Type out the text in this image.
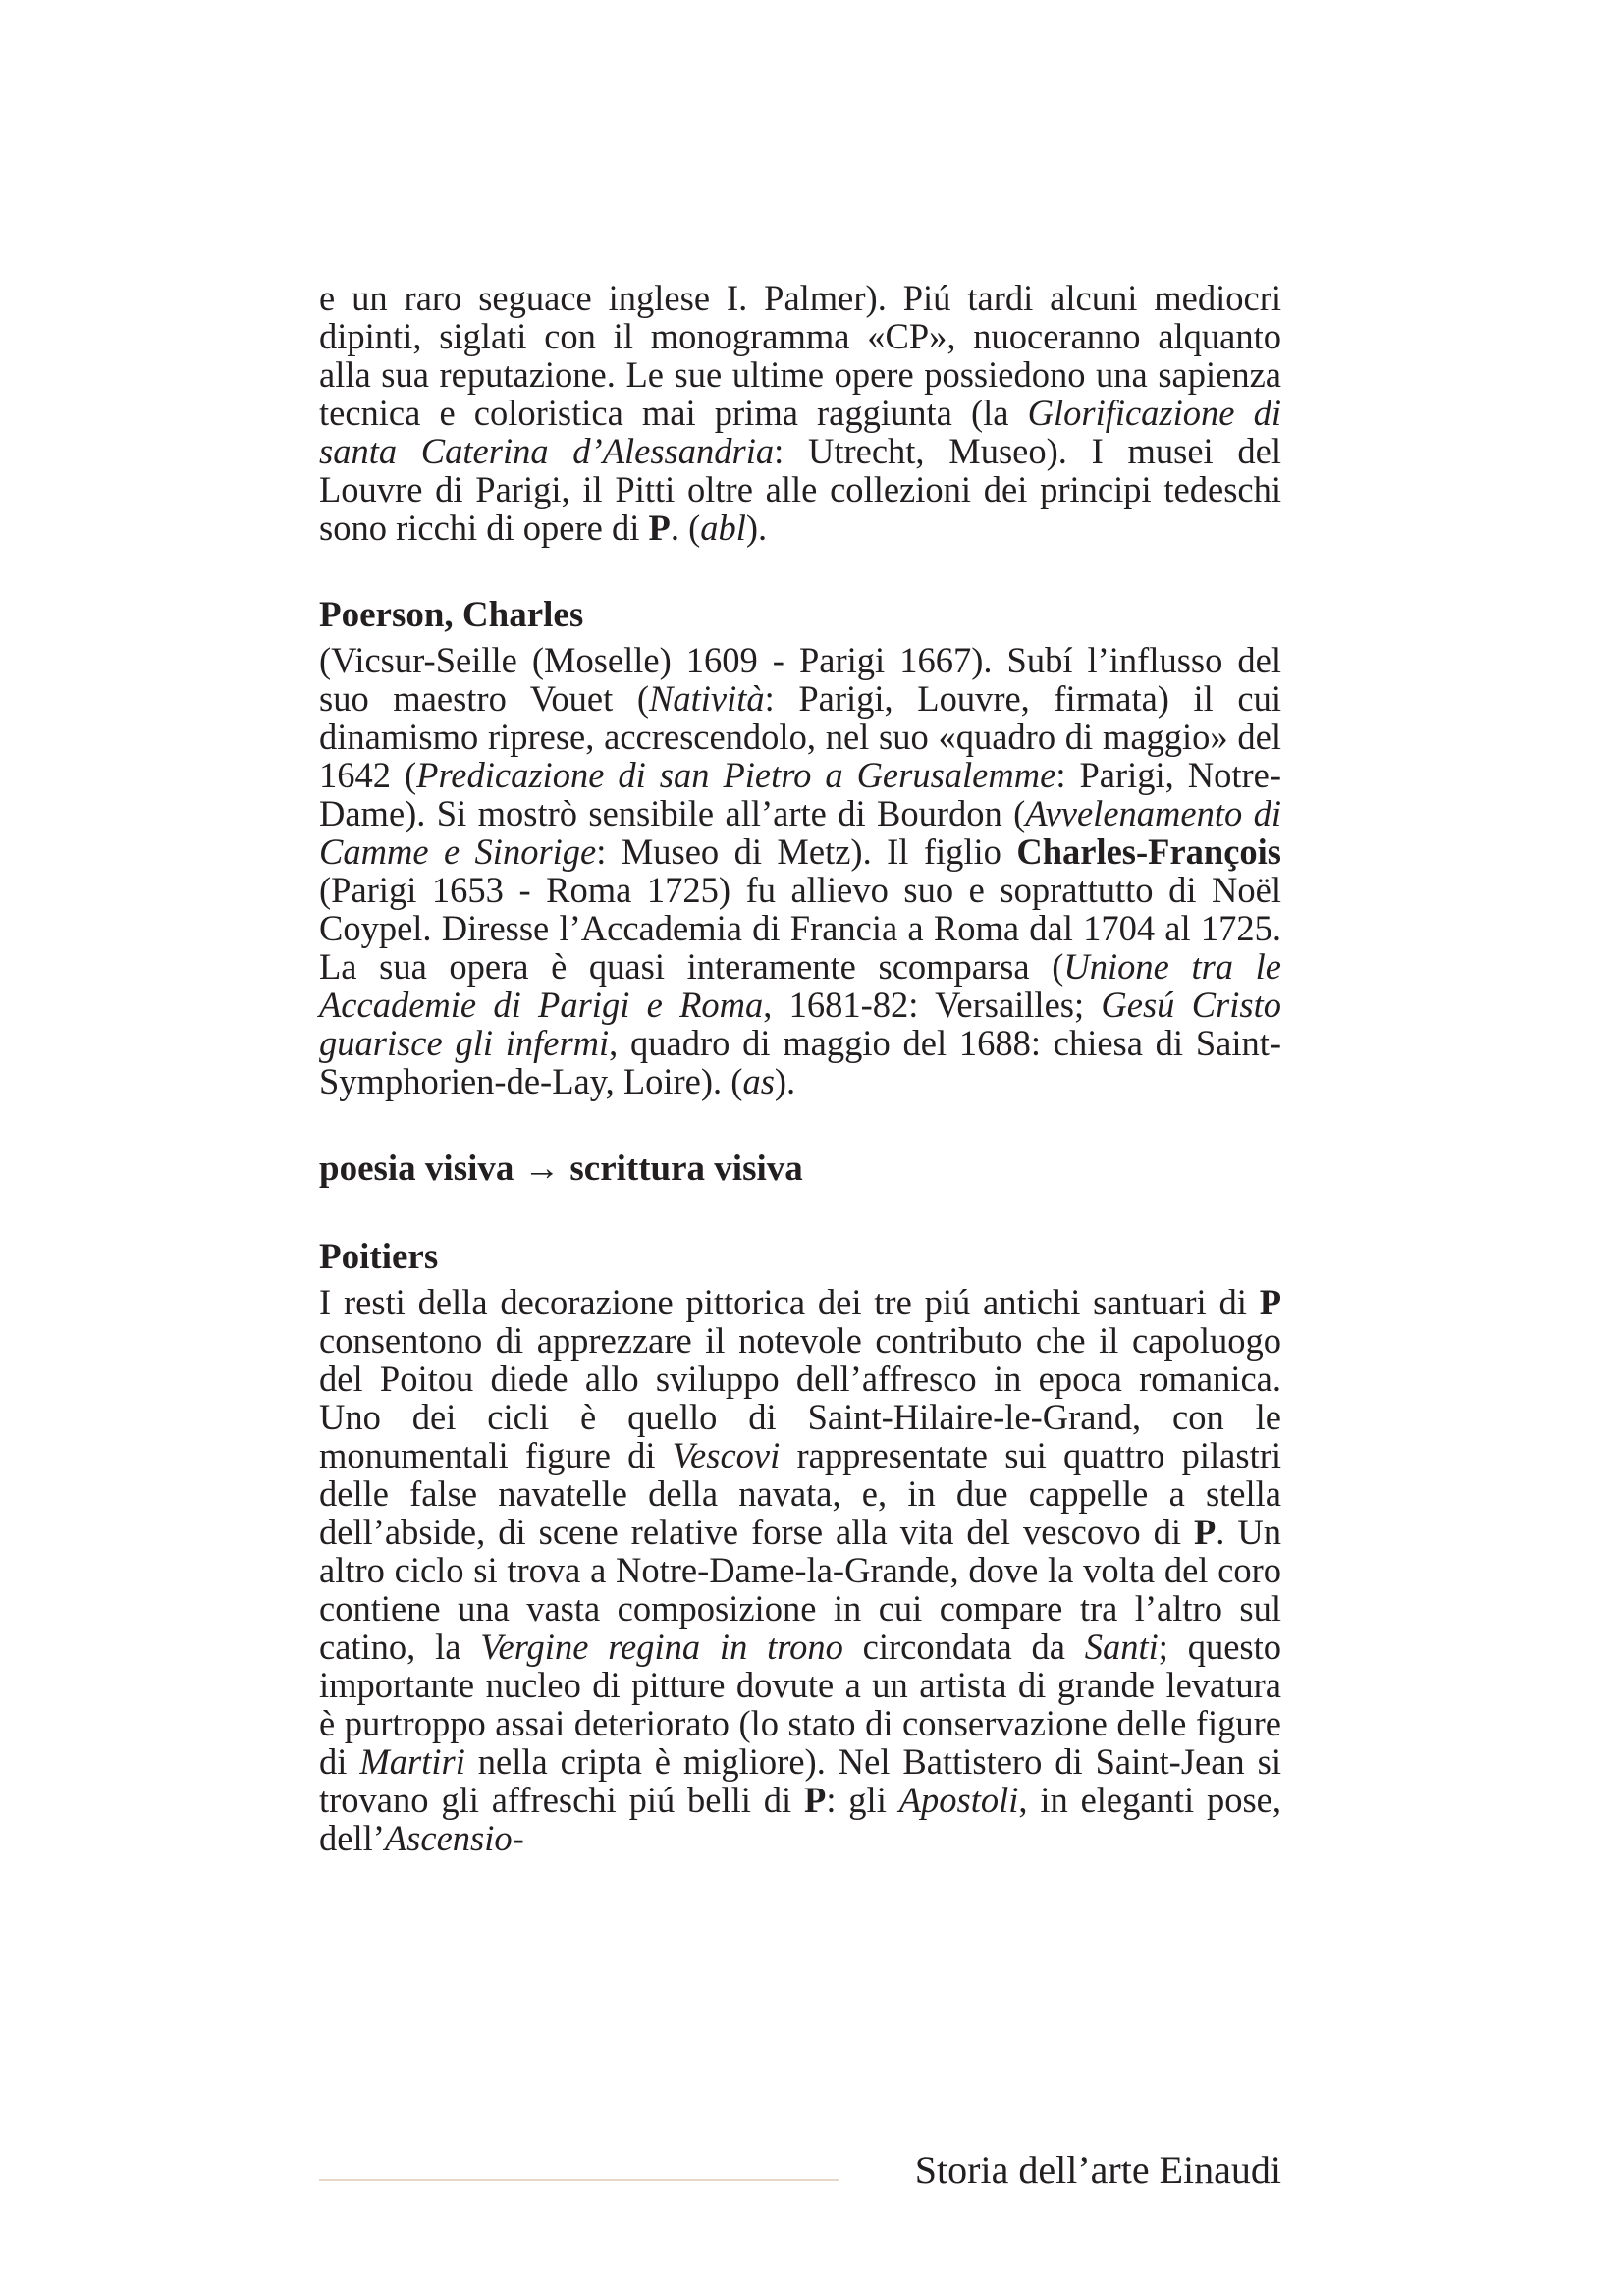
e un raro seguace inglese I. Palmer). Piú tardi alcuni mediocri dipinti, siglati con il monogramma «CP», nuoceranno alquanto alla sua reputazione. Le sue ultime opere possiedono una sapienza tecnica e coloristica mai prima raggiunta (la Glorificazione di santa Caterina d’Alessandria: Utrecht, Museo). I musei del Louvre di Parigi, il Pitti oltre alle collezioni dei principi tedeschi sono ricchi di opere di P. (abl).

Poerson, Charles

(Vicsur-Seille (Moselle) 1609 - Parigi 1667). Subí l’influsso del suo maestro Vouet (Natività: Parigi, Louvre, firmata) il cui dinamismo riprese, accrescendolo, nel suo «quadro di maggio» del 1642 (Predicazione di san Pietro a Gerusalemme: Parigi, Notre-Dame). Si mostrò sensibile all’arte di Bourdon (Avvelenamento di Camme e Sinorige: Museo di Metz). Il figlio Charles-François (Parigi 1653 - Roma 1725) fu allievo suo e soprattutto di Noël Coypel. Diresse l’Accademia di Francia a Roma dal 1704 al 1725. La sua opera è quasi interamente scomparsa (Unione tra le Accademie di Parigi e Roma, 1681-82: Versailles; Gesú Cristo guarisce gli infermi, quadro di maggio del 1688: chiesa di Saint-Symphorien-de-Lay, Loire). (as).

poesia visiva → scrittura visiva

Poitiers

I resti della decorazione pittorica dei tre piú antichi santuari di P consentono di apprezzare il notevole contributo che il capoluogo del Poitou diede allo sviluppo dell’affresco in epoca romanica. Uno dei cicli è quello di Saint-Hilaire-le-Grand, con le monumentali figure di Vescovi rappresentate sui quattro pilastri delle false navatelle della navata, e, in due cappelle a stella dell’abside, di scene relative forse alla vita del vescovo di P. Un altro ciclo si trova a Notre-Dame-la-Grande, dove la volta del coro contiene una vasta composizione in cui compare tra l’altro sul catino, la Vergine regina in trono circondata da Santi; questo importante nucleo di pitture dovute a un artista di grande levatura è purtroppo assai deteriorato (lo stato di conservazione delle figure di Martiri nella cripta è migliore). Nel Battistero di Saint-Jean si trovano gli affreschi piú belli di P: gli Apostoli, in eleganti pose, dell’Ascensio-

Storia dell’arte Einaudi
